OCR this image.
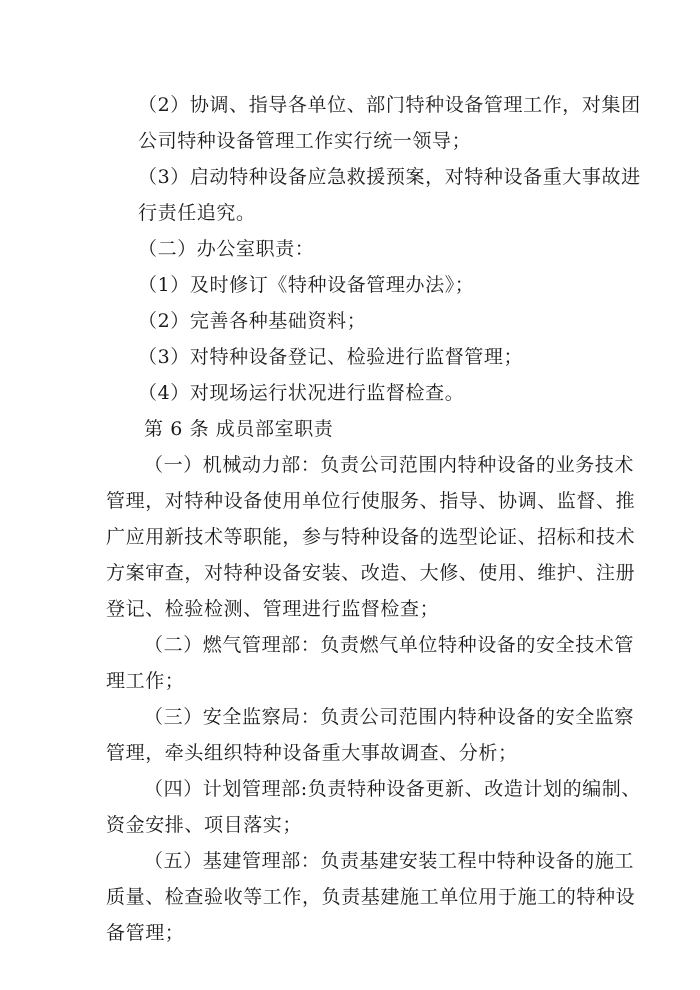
（2）协调、指导各单位、部门特种设备管理工作，对集团
公司特种设备管理工作实行统一领导；
（3）启动特种设备应急救援预案，对特种设备重大事故进
行责任追究。
（二）办公室职责：
（1）及时修订《特种设备管理办法》；
（2）完善各种基础资料；
（3）对特种设备登记、检验进行监督管理；
（4）对现场运行状况进行监督检查。
第 6 条 成员部室职责
（一）机械动力部：负责公司范围内特种设备的业务技术
管理，对特种设备使用单位行使服务、指导、协调、监督、推
广应用新技术等职能，参与特种设备的选型论证、招标和技术
方案审查，对特种设备安装、改造、大修、使用、维护、注册
登记、检验检测、管理进行监督检查；
（二）燃气管理部：负责燃气单位特种设备的安全技术管
理工作；
（三）安全监察局：负责公司范围内特种设备的安全监察
管理，牵头组织特种设备重大事故调查、分析；
（四）计划管理部:负责特种设备更新、改造计划的编制、
资金安排、项目落实；
（五）基建管理部：负责基建安装工程中特种设备的施工
质量、检查验收等工作，负责基建施工单位用于施工的特种设
备管理；
